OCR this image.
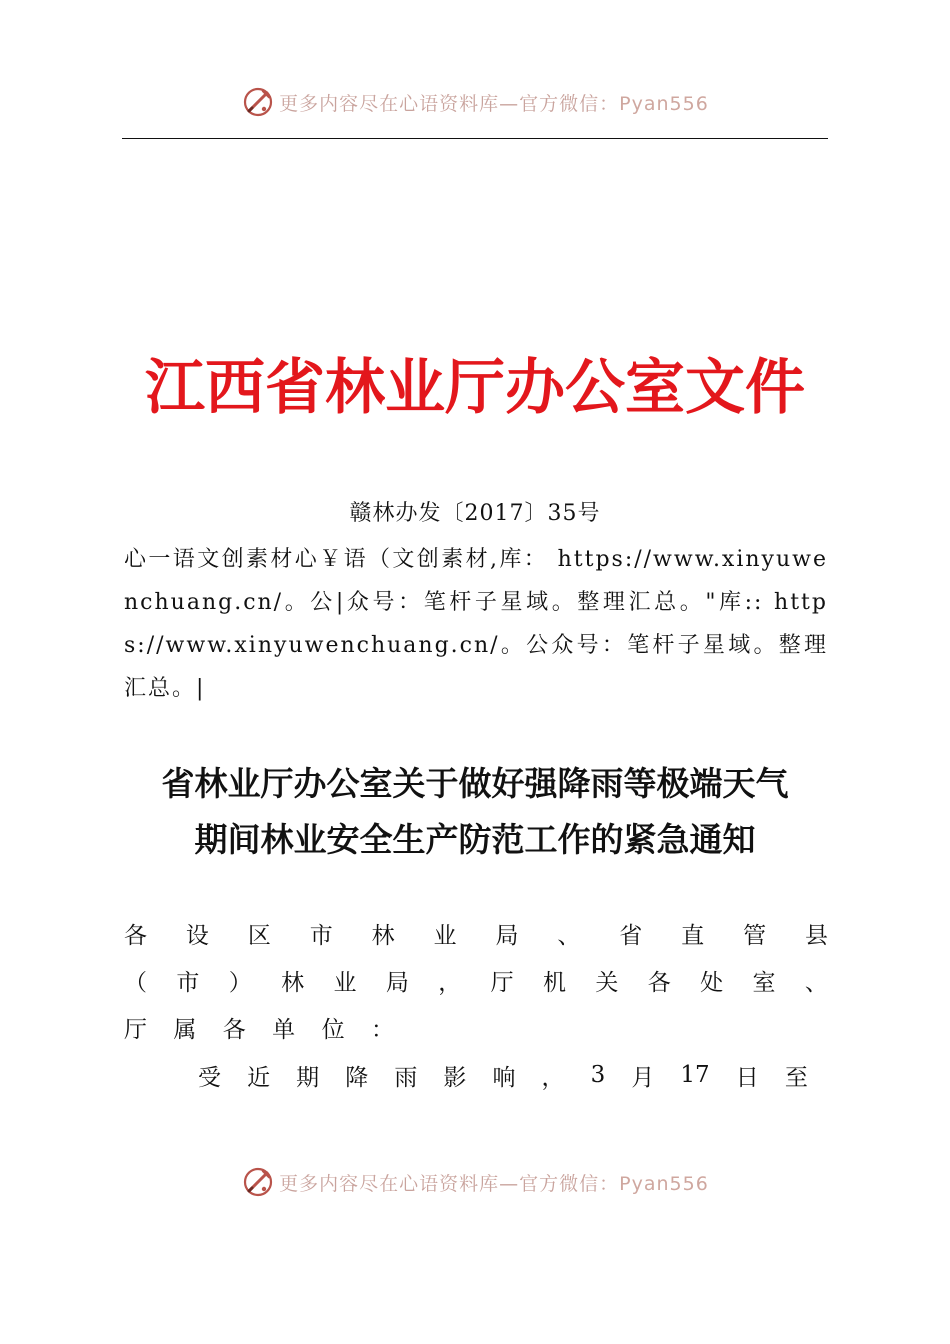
更多内容尽在心语资料库—官方微信：Pyan556
江西省林业厅办公室文件
赣林办发〔2017〕35号
心一语文创素材心￥语（文创素材,库： https://www.xinyuwenchuang.cn/。公|众号：笔杆子星域。整理汇总。"库:: https://www.xinyuwenchuang.cn/。公众号：笔杆子星域。整理汇总。|
省林业厅办公室关于做好强降雨等极端天气
期间林业安全生产防范工作的紧急通知
各 设 区 市 林 业 局 、 省 直 管 县
（ 市 ） 林 业 局 ， 厅 机 关 各 处 室 、
厅 属 各 单 位 ：
受 近 期 降 雨 影 响 ， 3 月 17 日 至
更多内容尽在心语资料库—官方微信：Pyan556
